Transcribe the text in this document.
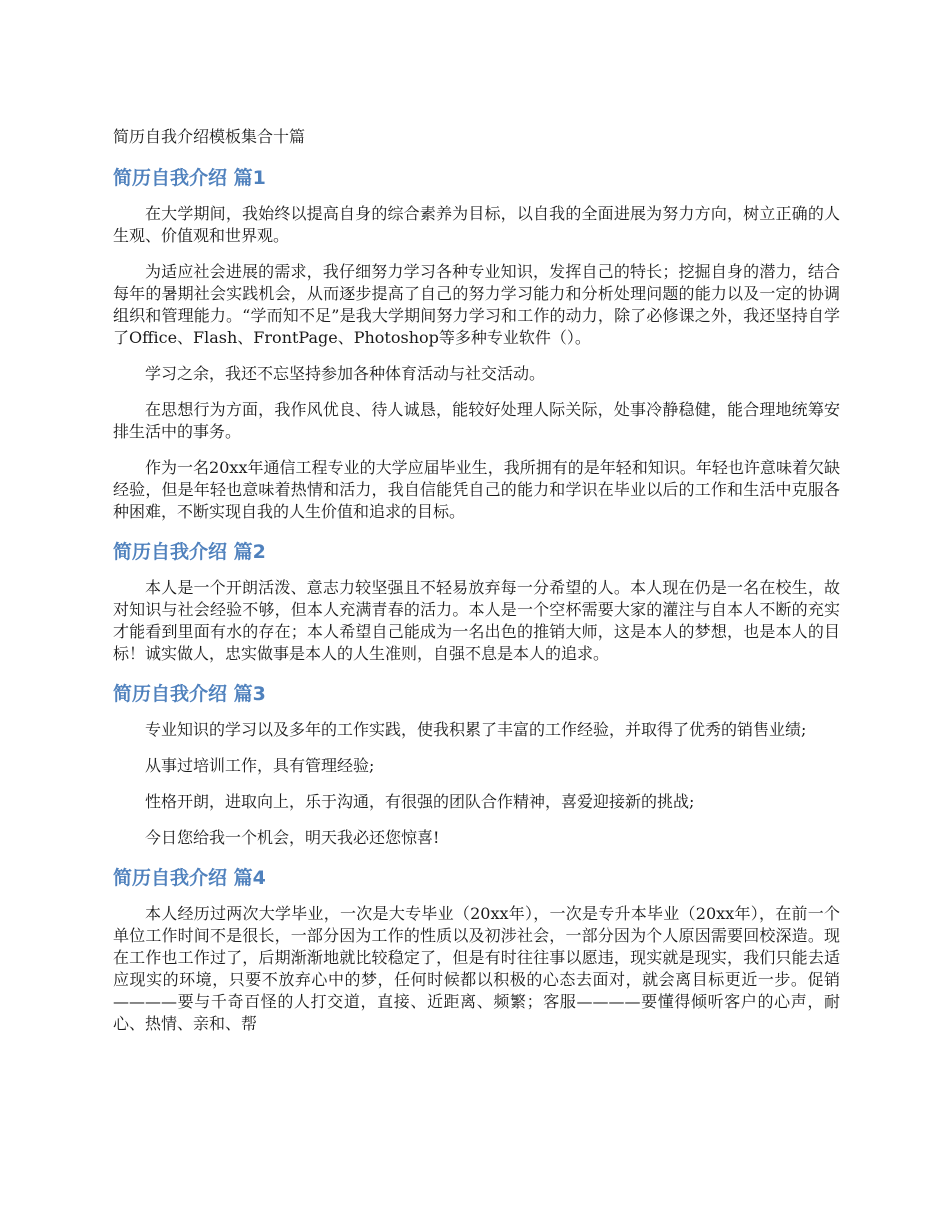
简历自我介绍模板集合十篇
简历自我介绍 篇1

在大学期间，我始终以提高自身的综合素养为目标，以自我的全面进展为努力方向，树立正确的人生观、价值观和世界观。

为适应社会进展的需求，我仔细努力学习各种专业知识，发挥自己的特长；挖掘自身的潜力，结合每年的暑期社会实践机会，从而逐步提高了自己的努力学习能力和分析处理问题的能力以及一定的协调组织和管理能力。“学而知不足”是我大学期间努力学习和工作的动力，除了必修课之外，我还坚持自学了Office、Flash、FrontPage、Photoshop等多种专业软件（）。

学习之余，我还不忘坚持参加各种体育活动与社交活动。

在思想行为方面，我作风优良、待人诚恳，能较好处理人际关际，处事冷静稳健，能合理地统筹安排生活中的事务。

作为一名20xx年通信工程专业的大学应届毕业生，我所拥有的是年轻和知识。年轻也许意味着欠缺经验，但是年轻也意味着热情和活力，我自信能凭自己的能力和学识在毕业以后的工作和生活中克服各种困难，不断实现自我的人生价值和追求的目标。

简历自我介绍 篇2

本人是一个开朗活泼、意志力较坚强且不轻易放弃每一分希望的人。本人现在仍是一名在校生，故对知识与社会经验不够，但本人充满青春的活力。本人是一个空杯需要大家的灌注与自本人不断的充实才能看到里面有水的存在；本人希望自己能成为一名出色的推销大师，这是本人的梦想，也是本人的目标！诚实做人，忠实做事是本人的人生准则，自强不息是本人的追求。

简历自我介绍 篇3

专业知识的学习以及多年的工作实践，使我积累了丰富的工作经验，并取得了优秀的销售业绩;

从事过培训工作，具有管理经验;

性格开朗，进取向上，乐于沟通，有很强的团队合作精神，喜爱迎接新的挑战;

今日您给我一个机会，明天我必还您惊喜!

简历自我介绍 篇4

本人经历过两次大学毕业，一次是大专毕业（20xx年），一次是专升本毕业（20xx年），在前一个单位工作时间不是很长，一部分因为工作的性质以及初涉社会，一部分因为个人原因需要回校深造。现在工作也工作过了，后期渐渐地就比较稳定了，但是有时往往事以愿违，现实就是现实，我们只能去适应现实的环境，只要不放弃心中的梦，任何时候都以积极的心态去面对，就会离目标更近一步。促销————要与千奇百怪的人打交道，直接、近距离、频繁；客服————要懂得倾听客户的心声，耐心、热情、亲和、帮
